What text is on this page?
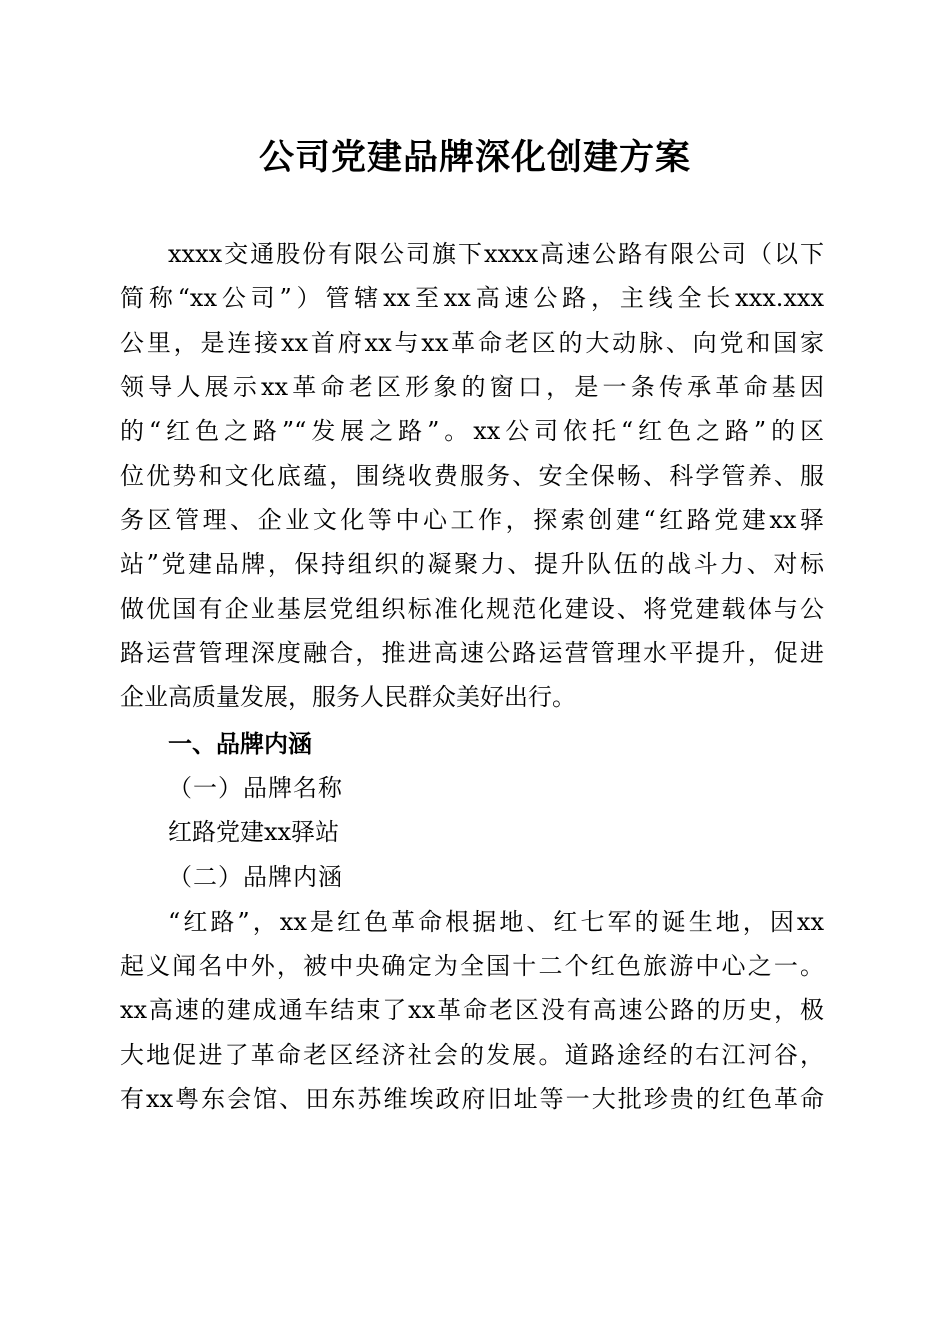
公司党建品牌深化创建方案
xxxx交通股份有限公司旗下xxxx高速公路有限公司（以下
简称“xx公司”）管辖xx至xx高速公路，主线全长xxx.xxx
公里，是连接xx首府xx与xx革命老区的大动脉、向党和国家
领导人展示xx革命老区形象的窗口，是一条传承革命基因
的“红色之路”“发展之路”。xx公司依托“红色之路”的区
位优势和文化底蕴，围绕收费服务、安全保畅、科学管养、服
务区管理、企业文化等中心工作，探索创建“红路党建xx驿
站”党建品牌，保持组织的凝聚力、提升队伍的战斗力、对标
做优国有企业基层党组织标准化规范化建设、将党建载体与公
路运营管理深度融合，推进高速公路运营管理水平提升，促进
企业高质量发展，服务人民群众美好出行。
一、品牌内涵
（一）品牌名称
红路党建xx驿站
（二）品牌内涵
“红路”，xx是红色革命根据地、红七军的诞生地，因xx
起义闻名中外，被中央确定为全国十二个红色旅游中心之一。
xx高速的建成通车结束了xx革命老区没有高速公路的历史，极
大地促进了革命老区经济社会的发展。道路途经的右江河谷，
有xx粤东会馆、田东苏维埃政府旧址等一大批珍贵的红色革命
